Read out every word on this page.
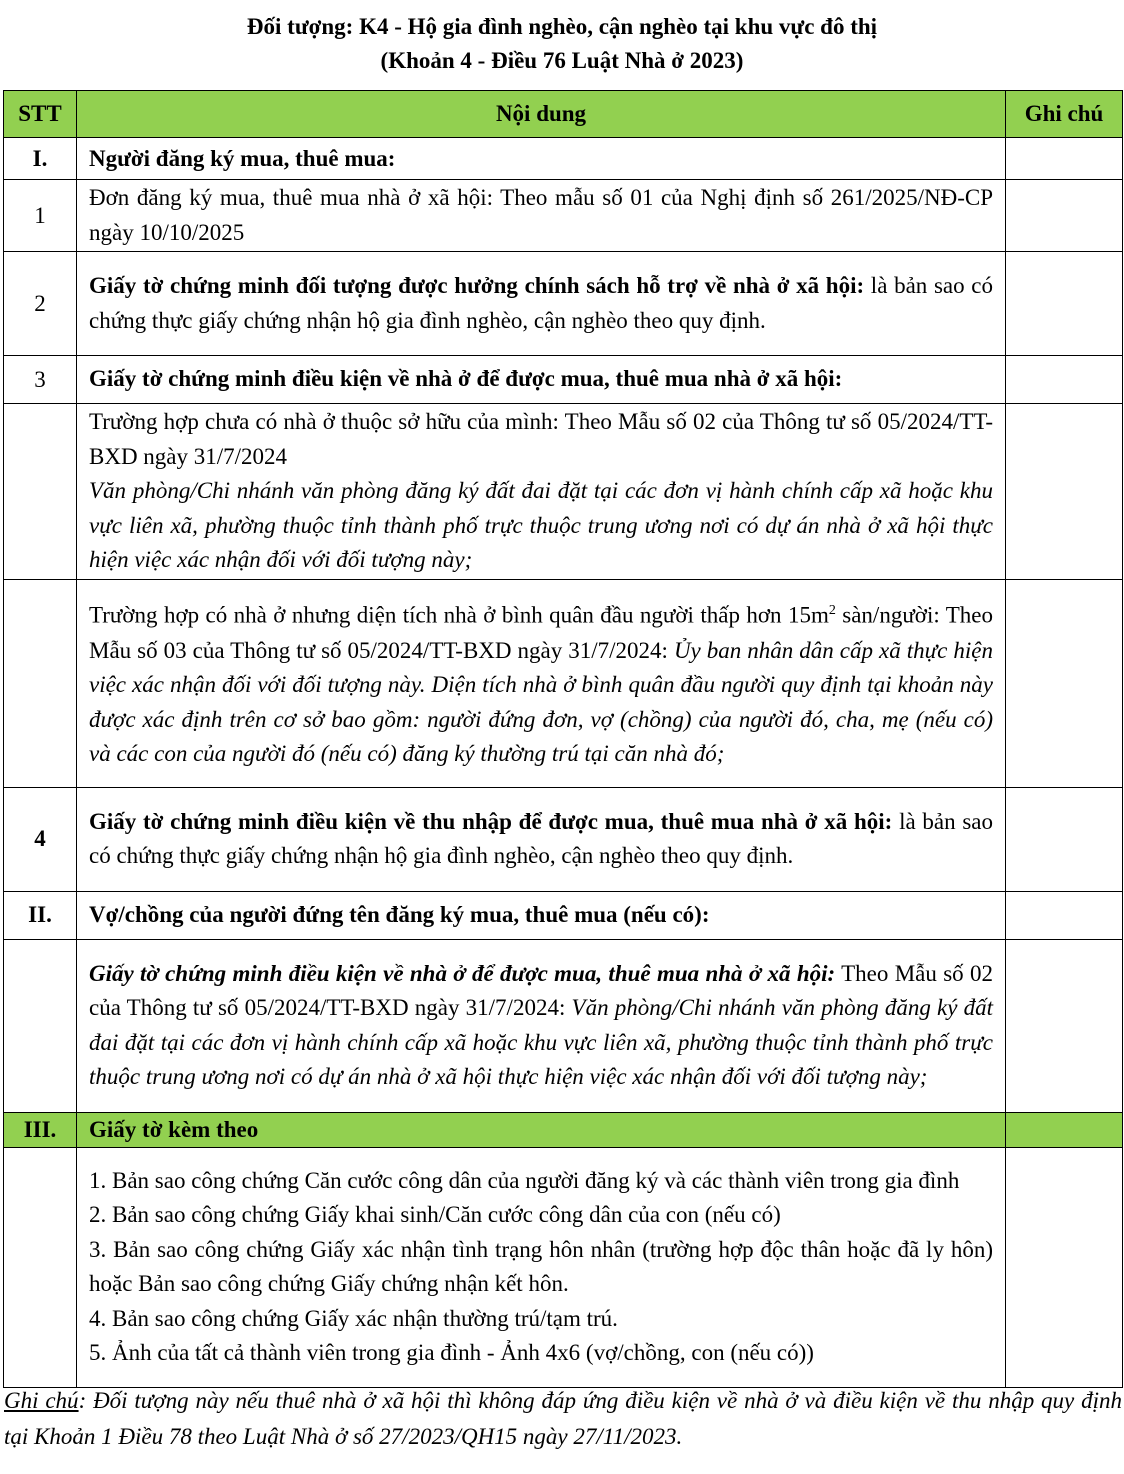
Đối tượng: K4 - Hộ gia đình nghèo, cận nghèo tại khu vực đô thị
(Khoản 4 - Điều 76 Luật Nhà ở 2023)
STT	Nội dung	Ghi chú
I.	Người đăng ký mua, thuê mua:	
1	Đơn đăng ký mua, thuê mua nhà ở xã hội: Theo mẫu số 01 của Nghị định số 261/2025/NĐ-CP ngày 10/10/2025	
2	Giấy tờ chứng minh đối tượng được hưởng chính sách hỗ trợ về nhà ở xã hội: là bản sao có chứng thực giấy chứng nhận hộ gia đình nghèo, cận nghèo theo quy định.	
3	Giấy tờ chứng minh điều kiện về nhà ở để được mua, thuê mua nhà ở xã hội:	

	Trường hợp chưa có nhà ở thuộc sở hữu của mình: Theo Mẫu số 02 của Thông tư số 05/2024/TT-BXD ngày 31/7/2024
Văn phòng/Chi nhánh văn phòng đăng ký đất đai đặt tại các đơn vị hành chính cấp xã hoặc khu vực liên xã, phường thuộc tỉnh thành phố trực thuộc trung ương nơi có dự án nhà ở xã hội thực hiện việc xác nhận đối với đối tượng này;	

	Trường hợp có nhà ở nhưng diện tích nhà ở bình quân đầu người thấp hơn $15m^2$ sàn/người: Theo Mẫu số 03 của Thông tư số 05/2024/TT-BXD ngày 31/7/2024: Ủy ban nhân dân cấp xã thực hiện việc xác nhận đối với đối tượng này. Diện tích nhà ở bình quân đầu người quy định tại khoản này được xác định trên cơ sở bao gồm: người đứng đơn, vợ (chồng) của người đó, cha, mẹ (nếu có) và các con của người đó (nếu có) đăng ký thường trú tại căn nhà đó;	
4	Giấy tờ chứng minh điều kiện về thu nhập để được mua, thuê mua nhà ở xã hội: là bản sao có chứng thực giấy chứng nhận hộ gia đình nghèo, cận nghèo theo quy định.	
II.	Vợ/chồng của người đứng tên đăng ký mua, thuê mua (nếu có):	
	Giấy tờ chứng minh điều kiện về nhà ở để được mua, thuê mua nhà ở xã hội: Theo Mẫu số 02 của Thông tư số 05/2024/TT-BXD ngày 31/7/2024: Văn phòng/Chi nhánh văn phòng đăng ký đất đai đặt tại các đơn vị hành chính cấp xã hoặc khu vực liên xã, phường thuộc tỉnh thành phố trực thuộc trung ương nơi có dự án nhà ở xã hội thực hiện việc xác nhận đối với đối tượng này;	
III.	Giấy tờ kèm theo	

	1. Bản sao công chứng Căn cước công dân của người đăng ký và các thành viên trong gia đình
2. Bản sao công chứng Giấy khai sinh/Căn cước công dân của con (nếu có)
3. Bản sao công chứng Giấy xác nhận tình trạng hôn nhân (trường hợp độc thân hoặc đã ly hôn) hoặc Bản sao công chứng Giấy chứng nhận kết hôn.
4. Bản sao công chứng Giấy xác nhận thường trú/tạm trú.
5. Ảnh của tất cả thành viên trong gia đình - Ảnh 4x6 (vợ/chồng, con (nếu có))	

Ghi chú: Đối tượng này nếu thuê nhà ở xã hội thì không đáp ứng điều kiện về nhà ở và điều kiện về thu nhập quy định tại Khoản 1 Điều 78 theo Luật Nhà ở số 27/2023/QH15 ngày 27/11/2023.
